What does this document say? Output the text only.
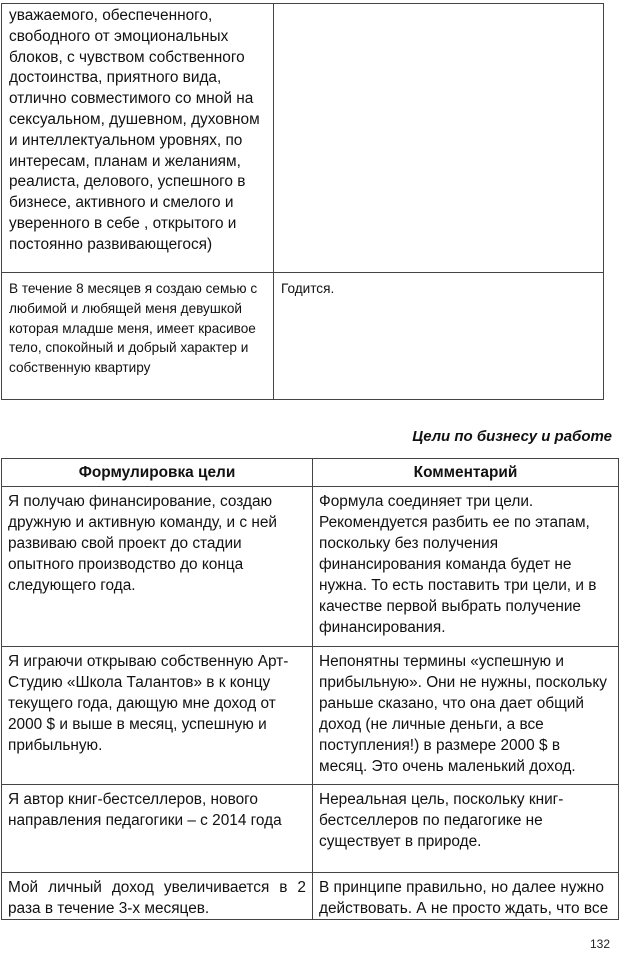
уважаемого, обеспеченного, свободного от эмоциональных блоков, с чувством собственного достоинства, приятного вида, отлично совместимого со мной на сексуальном, душевном, духовном и интеллектуальном уровнях, по интересам, планам и желаниям, реалиста, делового, успешного в бизнесе, активного и смелого и уверенного в себе , открытого и постоянно развивающегося)	
В течение 8 месяцев я создаю семью с любимой и любящей меня девушкой которая младше меня, имеет красивое тело, спокойный и добрый характер и собственную квартиру	Годится.

Цели по бизнесу и работе

Формулировка цели	Комментарий
Я получаю финансирование, создаю дружную и активную команду, и с ней развиваю свой проект до стадии опытного производство до конца следующего года.	Формула соединяет три цели. Рекомендуется разбить ее по этапам, поскольку без получения финансирования команда будет не нужна. То есть поставить три цели, и в качестве первой выбрать получение финансирования.
Я играючи открываю собственную Арт-Студию «Школа Талантов» в к концу текущего года, дающую мне доход от 2000 $ и выше в месяц, успешную и прибыльную.	Непонятны термины «успешную и прибыльную». Они не нужны, поскольку раньше сказано, что она дает общий доход (не личные деньги, а все поступления!) в размере 2000 $ в месяц. Это очень маленький доход.
Я автор книг-бестселлеров, нового направления педагогики – с 2014 года	Нереальная цель, поскольку книг-бестселлеров по педагогике не существует в природе.
Мой личный доход увеличивается в 2 раза в течение 3-х месяцев.	В принципе правильно, но далее нужно действовать. А не просто ждать, что все
132
